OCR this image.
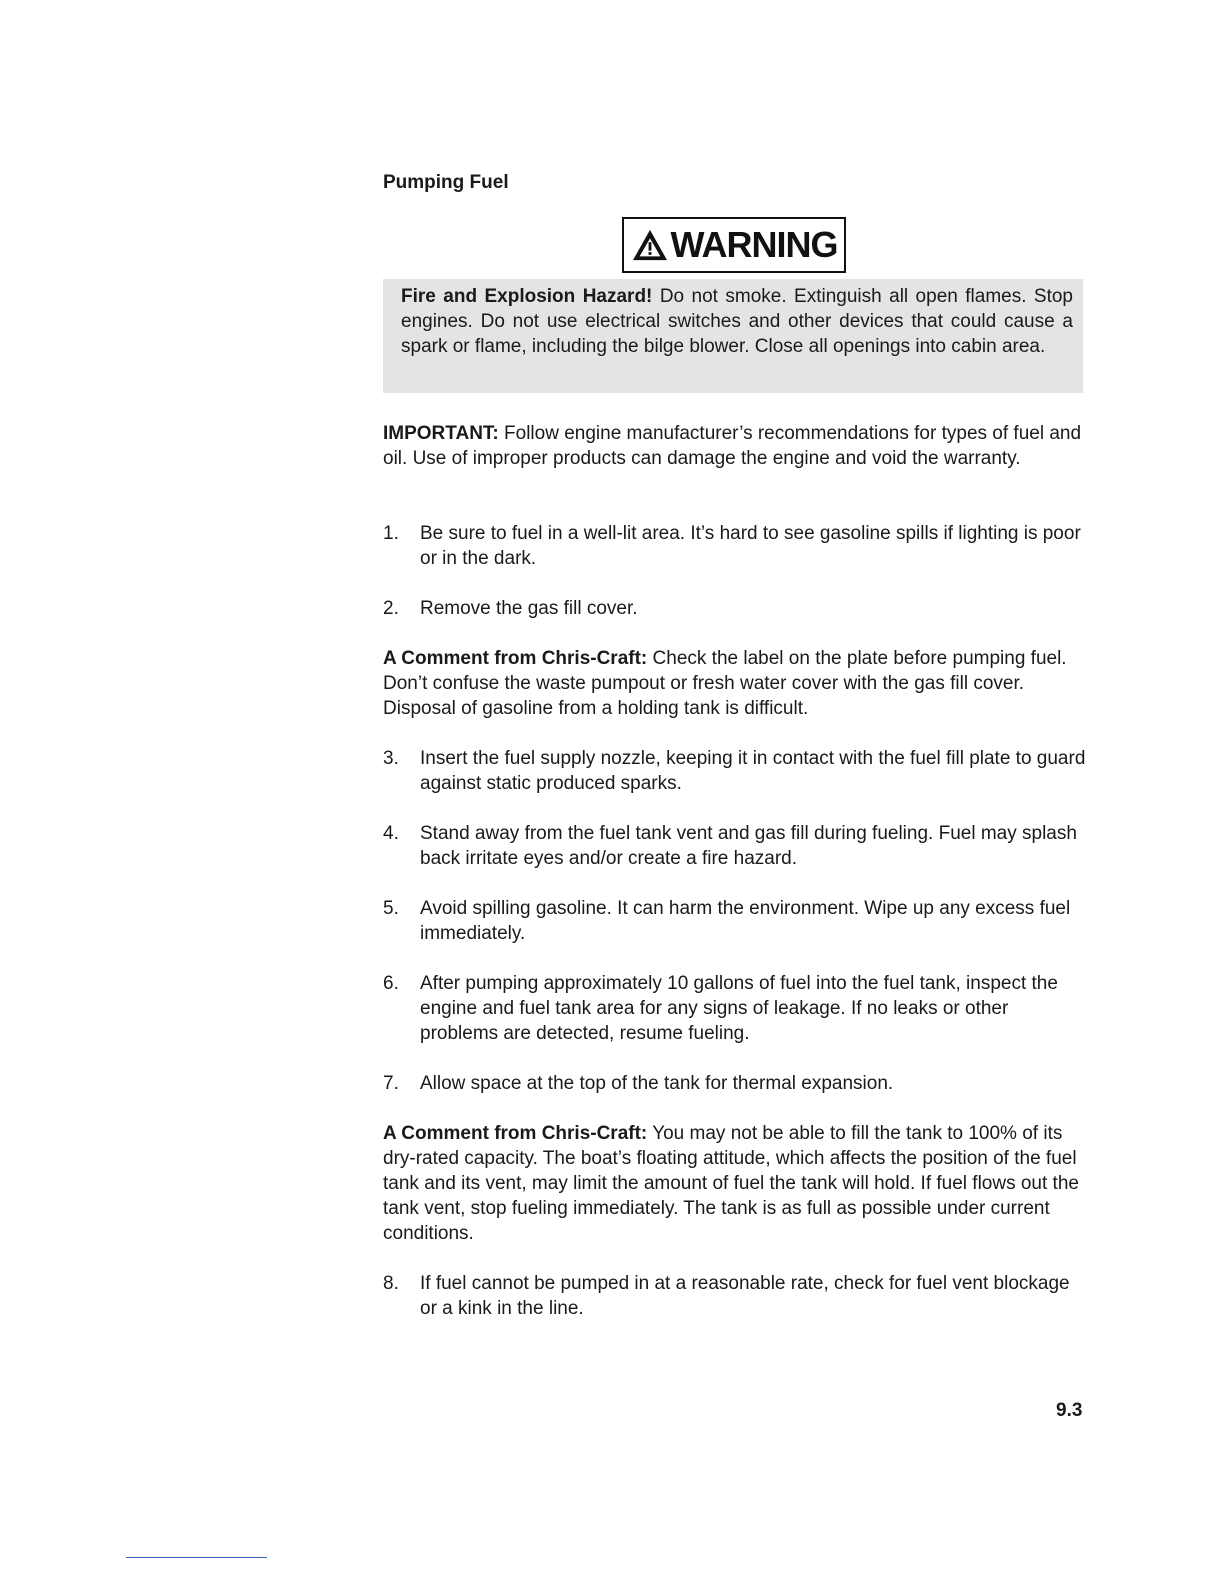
Pumping Fuel
WARNING
Fire and Explosion Hazard! Do not smoke. Extinguish all open flames. Stop engines. Do not use electrical switches and other devices that could cause a spark or flame, including the bilge blower. Close all openings into cabin area.

IMPORTANT: Follow engine manufacturer’s recommendations for types of fuel and oil. Use of improper products can damage the engine and void the warranty.

1. Be sure to fuel in a well-lit area. It’s hard to see gasoline spills if lighting is poor or in the dark.

2. Remove the gas fill cover.

A Comment from Chris-Craft: Check the label on the plate before pumping fuel. Don’t confuse the waste pumpout or fresh water cover with the gas fill cover. Disposal of gasoline from a holding tank is difficult.

3. Insert the fuel supply nozzle, keeping it in contact with the fuel fill plate to guard against static produced sparks.

4. Stand away from the fuel tank vent and gas fill during fueling. Fuel may splash back irritate eyes and/or create a fire hazard.

5. Avoid spilling gasoline. It can harm the environment. Wipe up any excess fuel immediately.

6. After pumping approximately 10 gallons of fuel into the fuel tank, inspect the engine and fuel tank area for any signs of leakage. If no leaks or other problems are detected, resume fueling.

7. Allow space at the top of the tank for thermal expansion.

A Comment from Chris-Craft: You may not be able to fill the tank to 100% of its dry-rated capacity. The boat’s floating attitude, which affects the position of the fuel tank and its vent, may limit the amount of fuel the tank will hold. If fuel flows out the tank vent, stop fueling immediately. The tank is as full as possible under current conditions.

8. If fuel cannot be pumped in at a reasonable rate, check for fuel vent blockage or a kink in the line.

9.3
